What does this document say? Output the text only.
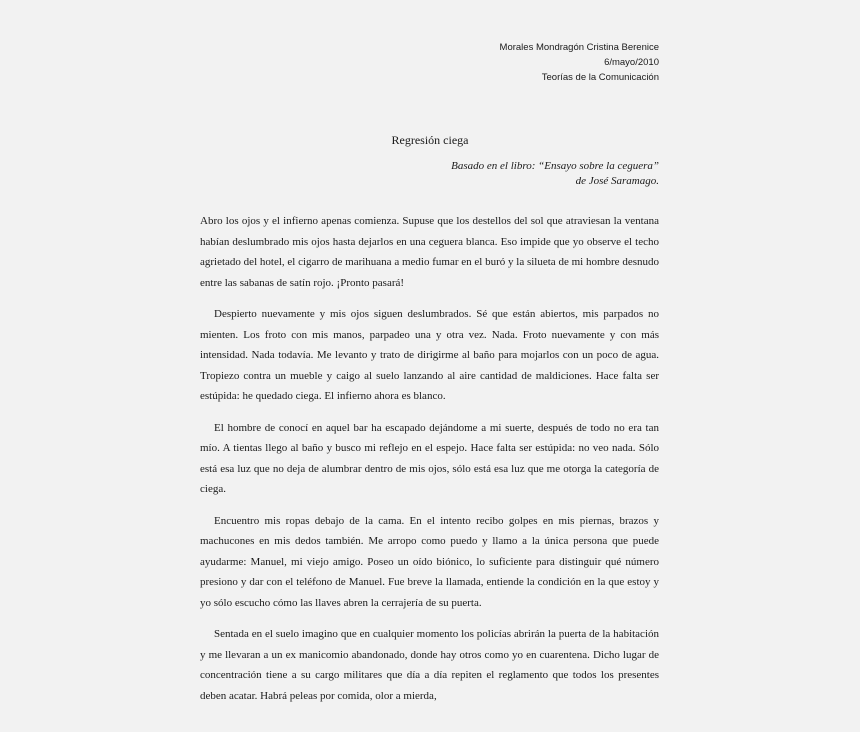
Morales Mondragón Cristina Berenice
6/mayo/2010
Teorías de la Comunicación
Regresión ciega
Basado en el libro: “Ensayo sobre la ceguera”
de José Saramago.

Abro los ojos y el infierno apenas comienza. Supuse que los destellos del sol que atraviesan la ventana habían deslumbrado mis ojos hasta dejarlos en una ceguera blanca. Eso impide que yo observe el techo agrietado del hotel, el cigarro de marihuana a medio fumar en el buró y la silueta de mi hombre desnudo entre las sabanas de satín rojo. ¡Pronto pasará!

Despierto nuevamente y mis ojos siguen deslumbrados. Sé que están abiertos, mis parpados no mienten. Los froto con mis manos, parpadeo una y otra vez. Nada. Froto nuevamente y con más intensidad. Nada todavía. Me levanto y trato de dirigirme al baño para mojarlos con un poco de agua. Tropiezo contra un mueble y caigo al suelo lanzando al aire cantidad de maldiciones. Hace falta ser estúpida: he quedado ciega. El infierno ahora es blanco.

El hombre de conocí en aquel bar ha escapado dejándome a mi suerte, después de todo no era tan mío. A tientas llego al baño y busco mi reflejo en el espejo. Hace falta ser estúpida: no veo nada. Sólo está esa luz que no deja de alumbrar dentro de mis ojos, sólo está esa luz que me otorga la categoría de ciega.

Encuentro mis ropas debajo de la cama. En el intento recibo golpes en mis piernas, brazos y machucones en mis dedos también. Me arropo como puedo y llamo a la única persona que puede ayudarme: Manuel, mi viejo amigo. Poseo un oído biónico, lo suficiente para distinguir qué número presiono y dar con el teléfono de Manuel. Fue breve la llamada, entiende la condición en la que estoy y yo sólo escucho cómo las llaves abren la cerrajería de su puerta.

Sentada en el suelo imagino que en cualquier momento los policías abrirán la puerta de la habitación y me llevaran a un ex manicomio abandonado, donde hay otros como yo en cuarentena. Dicho lugar de concentración tiene a su cargo militares que día a día repiten el reglamento que todos los presentes deben acatar. Habrá peleas por comida, olor a mierda,
